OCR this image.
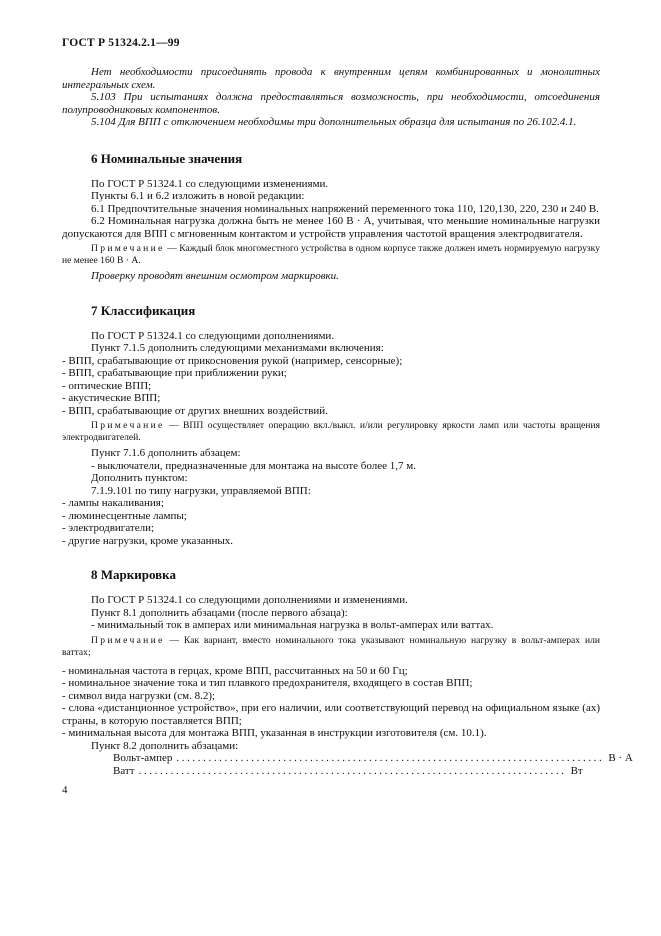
ГОСТ Р 51324.2.1—99

Нет необходимости присоединять провода к внутренним цепям комбинированных и монолитных интегральных схем.

5.103 При испытаниях должна предоставляться возможность, при необходимости, отсоединения полупроводниковых компонентов.

5.104 Для ВПП с отключением необходимы три дополнительных образца для испытания по 26.102.4.1.

6 Номинальные значения

По ГОСТ Р 51324.1 со следующими изменениями.

Пункты 6.1 и 6.2 изложить в новой редакции:

6.1 Предпочтительные значения номинальных напряжений переменного тока 110, 120,130, 220, 230 и 240 В.

6.2 Номинальная нагрузка должна быть не менее 160 В · А, учитывая, что меньшие номинальные нагрузки допускаются для ВПП с мгновенным контактом и устройств управления частотой вращения электродвигателя.

Примечание — Каждый блок многоместного устройства в одном корпусе также должен иметь нормируемую нагрузку не менее 160 В · А.

Проверку проводят внешним осмотром маркировки.

7 Классификация

По ГОСТ Р 51324.1 со следующими дополнениями.

Пункт 7.1.5 дополнить следующими механизмами включения:

- ВПП, срабатывающие от прикосновения рукой (например, сенсорные);

- ВПП, срабатывающие при приближении руки;

- оптические ВПП;

- акустические ВПП;

- ВПП, срабатывающие от других внешних воздействий.

Примечание — ВПП осуществляет операцию вкл./выкл. и/или регулировку яркости ламп или частоты вращения электродвигателей.

Пункт 7.1.6 дополнить абзацем:

- выключатели, предназначенные для монтажа на высоте более 1,7 м.

Дополнить пунктом:

7.1.9.101 по типу нагрузки, управляемой ВПП:

- лампы накаливания;

- люминесцентные лампы;

- электродвигатели;

- другие нагрузки, кроме указанных.

8 Маркировка

По ГОСТ Р 51324.1 со следующими дополнениями и изменениями.

Пункт 8.1 дополнить абзацами (после первого абзаца):

- минимальный ток в амперах или минимальная нагрузка в вольт-амперах или ваттах.

Примечание — Как вариант, вместо номинального тока указывают номинальную нагрузку в вольт-амперах или ваттах;

- номинальная частота в герцах, кроме ВПП, рассчитанных на 50 и 60 Гц;

- номинальное значение тока и тип плавкого предохранителя, входящего в состав ВПП;

- символ вида нагрузки (см. 8.2);

- слова «дистанционное устройство», при его наличии, или соответствующий перевод на официальном языке (ах) страны, в которую поставляется ВПП;

- минимальная высота для монтажа ВПП, указанная в инструкции изготовителя (см. 10.1).

Пункт 8.2 дополнить абзацами:

Вольт-ампер ................................................................................ В · А
Ватт ................................................................................ Вт
4
